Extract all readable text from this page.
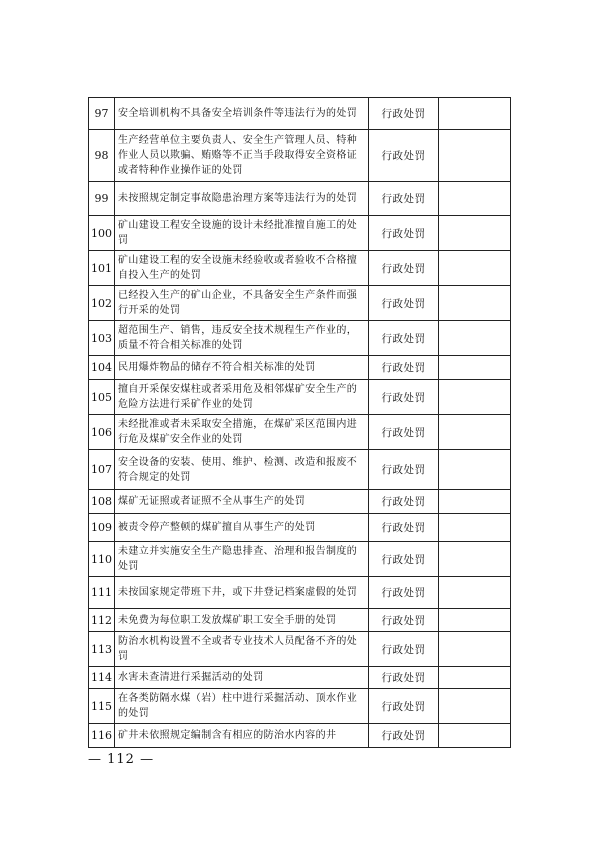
97	安全培训机构不具备安全培训条件等违法行为的处罚	行政处罚	
98	生产经营单位主要负责人、安全生产管理人员、特种作业人员以欺骗、贿赂等不正当手段取得安全资格证或者特种作业操作证的处罚	行政处罚	
99	未按照规定制定事故隐患治理方案等违法行为的处罚	行政处罚	
100	矿山建设工程安全设施的设计未经批准擅自施工的处罚	行政处罚	
101	矿山建设工程的安全设施未经验收或者验收不合格擅自投入生产的处罚	行政处罚	
102	已经投入生产的矿山企业，不具备安全生产条件而强行开采的处罚	行政处罚	
103	超范围生产、销售，违反安全技术规程生产作业的，质量不符合相关标准的处罚	行政处罚	
104	民用爆炸物品的储存不符合相关标准的处罚	行政处罚	
105	擅自开采保安煤柱或者采用危及相邻煤矿安全生产的危险方法进行采矿作业的处罚	行政处罚	
106	未经批准或者未采取安全措施，在煤矿采区范围内进行危及煤矿安全作业的处罚	行政处罚	
107	安全设备的安装、使用、维护、检测、改造和报废不符合规定的处罚	行政处罚	
108	煤矿无证照或者证照不全从事生产的处罚	行政处罚	
109	被责令停产整顿的煤矿擅自从事生产的处罚	行政处罚	
110	未建立并实施安全生产隐患排查、治理和报告制度的处罚	行政处罚	
111	未按国家规定带班下井，或下井登记档案虚假的处罚	行政处罚	
112	未免费为每位职工发放煤矿职工安全手册的处罚	行政处罚	
113	防治水机构设置不全或者专业技术人员配备不齐的处罚	行政处罚	
114	水害未查清进行采掘活动的处罚	行政处罚	
115	在各类防隔水煤（岩）柱中进行采掘活动、顶水作业的处罚	行政处罚	
116	矿井未依照规定编制含有相应的防治水内容的井	行政处罚	
— 112 —
